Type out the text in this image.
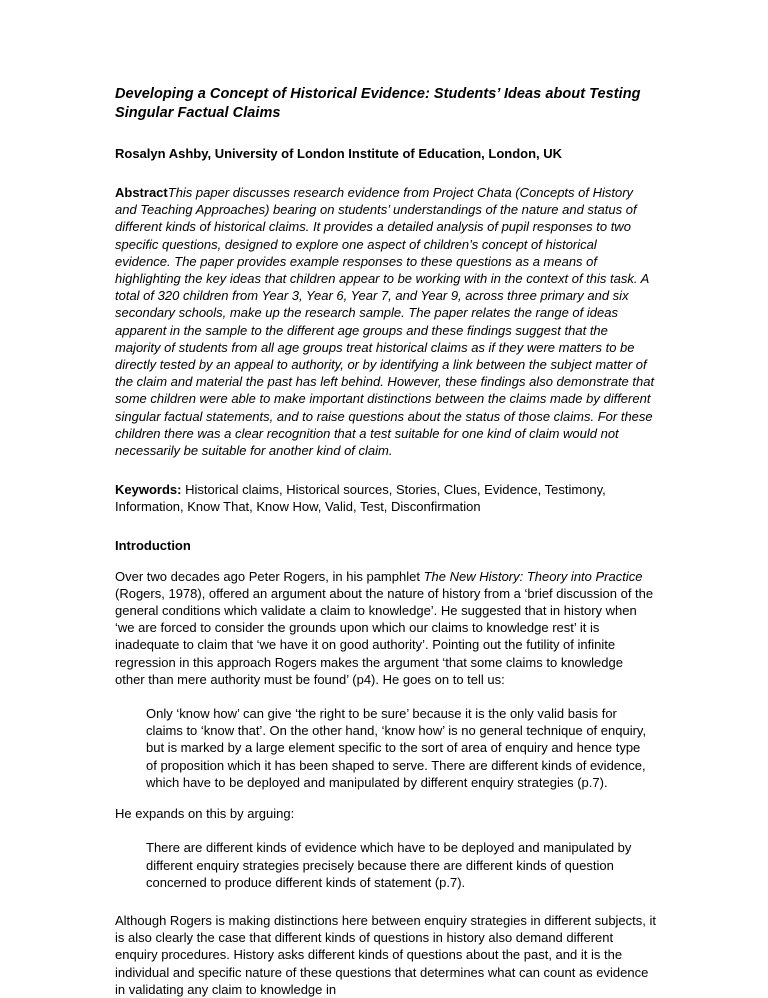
Developing a Concept of Historical Evidence: Students’ Ideas about Testing Singular Factual Claims

Rosalyn Ashby, University of London Institute of Education, London, UK

AbstractThis paper discusses research evidence from Project Chata (Concepts of History and Teaching Approaches) bearing on students’ understandings of the nature and status of different kinds of historical claims. It provides a detailed analysis of pupil responses to two specific questions, designed to explore one aspect of children’s concept of historical evidence. The paper provides example responses to these questions as a means of highlighting the key ideas that children appear to be working with in the context of this task. A total of 320 children from Year 3, Year 6, Year 7, and Year 9, across three primary and six secondary schools, make up the research sample. The paper relates the range of ideas apparent in the sample to the different age groups and these findings suggest that the majority of students from all age groups treat historical claims as if they were matters to be directly tested by an appeal to authority, or by identifying a link between the subject matter of the claim and material the past has left behind. However, these findings also demonstrate that some children were able to make important distinctions between the claims made by different singular factual statements, and to raise questions about the status of those claims. For these children there was a clear recognition that a test suitable for one kind of claim would not necessarily be suitable for another kind of claim.

Keywords: Historical claims, Historical sources, Stories, Clues, Evidence, Testimony, Information, Know That, Know How, Valid, Test, Disconfirmation

Introduction

Over two decades ago Peter Rogers, in his pamphlet The New History: Theory into Practice (Rogers, 1978), offered an argument about the nature of history from a ‘brief discussion of the general conditions which validate a claim to knowledge’. He suggested that in history when ‘we are forced to consider the grounds upon which our claims to knowledge rest’ it is inadequate to claim that ‘we have it on good authority’. Pointing out the futility of infinite regression in this approach Rogers makes the argument ‘that some claims to knowledge other than mere authority must be found’ (p4). He goes on to tell us:

Only ‘know how’ can give ‘the right to be sure’ because it is the only valid basis for claims to ‘know that’. On the other hand, ‘know how’ is no general technique of enquiry, but is marked by a large element specific to the sort of area of enquiry and hence type of proposition which it has been shaped to serve. There are different kinds of evidence, which have to be deployed and manipulated by different enquiry strategies (p.7).

He expands on this by arguing:

There are different kinds of evidence which have to be deployed and manipulated by different enquiry strategies precisely because there are different kinds of question concerned to produce different kinds of statement (p.7).

Although Rogers is making distinctions here between enquiry strategies in different subjects, it is also clearly the case that different kinds of questions in history also demand different enquiry procedures. History asks different kinds of questions about the past, and it is the individual and specific nature of these questions that determines what can count as evidence in validating any claim to knowledge in
